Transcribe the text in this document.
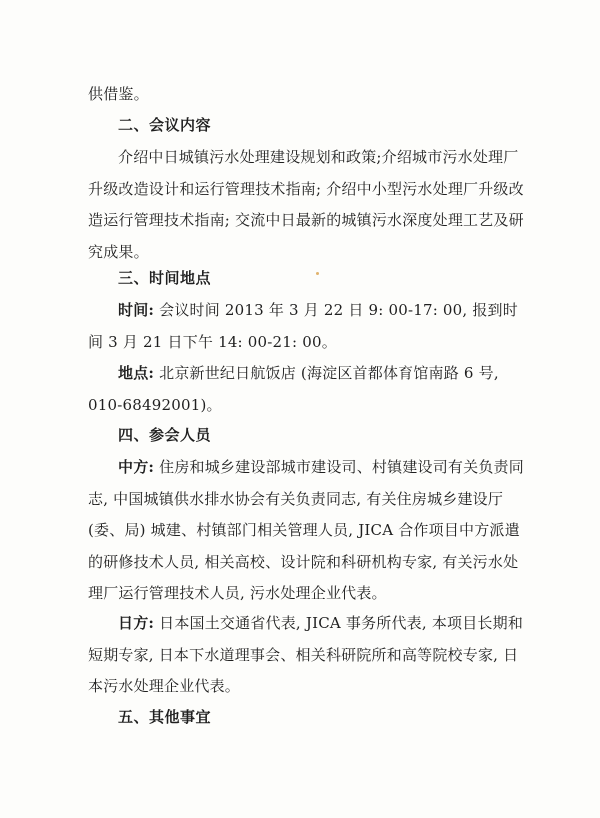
供借鉴。
二、会议内容
介绍中日城镇污水处理建设规划和政策;介绍城市污水处理厂升级改造设计和运行管理技术指南; 介绍中小型污水处理厂升级改造运行管理技术指南; 交流中日最新的城镇污水深度处理工艺及研究成果。
三、时间地点
时间: 会议时间 2013 年 3 月 22 日 9: 00-17: 00, 报到时间 3 月 21 日下午 14: 00-21: 00。
地点: 北京新世纪日航饭店 (海淀区首都体育馆南路 6 号, 010-68492001)。
四、参会人员
中方: 住房和城乡建设部城市建设司、村镇建设司有关负责同志, 中国城镇供水排水协会有关负责同志, 有关住房城乡建设厅 (委、局) 城建、村镇部门相关管理人员, JICA 合作项目中方派遣的研修技术人员, 相关高校、设计院和科研机构专家, 有关污水处理厂运行管理技术人员, 污水处理企业代表。
日方: 日本国土交通省代表, JICA 事务所代表, 本项目长期和短期专家, 日本下水道理事会、相关科研院所和高等院校专家, 日本污水处理企业代表。
五、其他事宜
